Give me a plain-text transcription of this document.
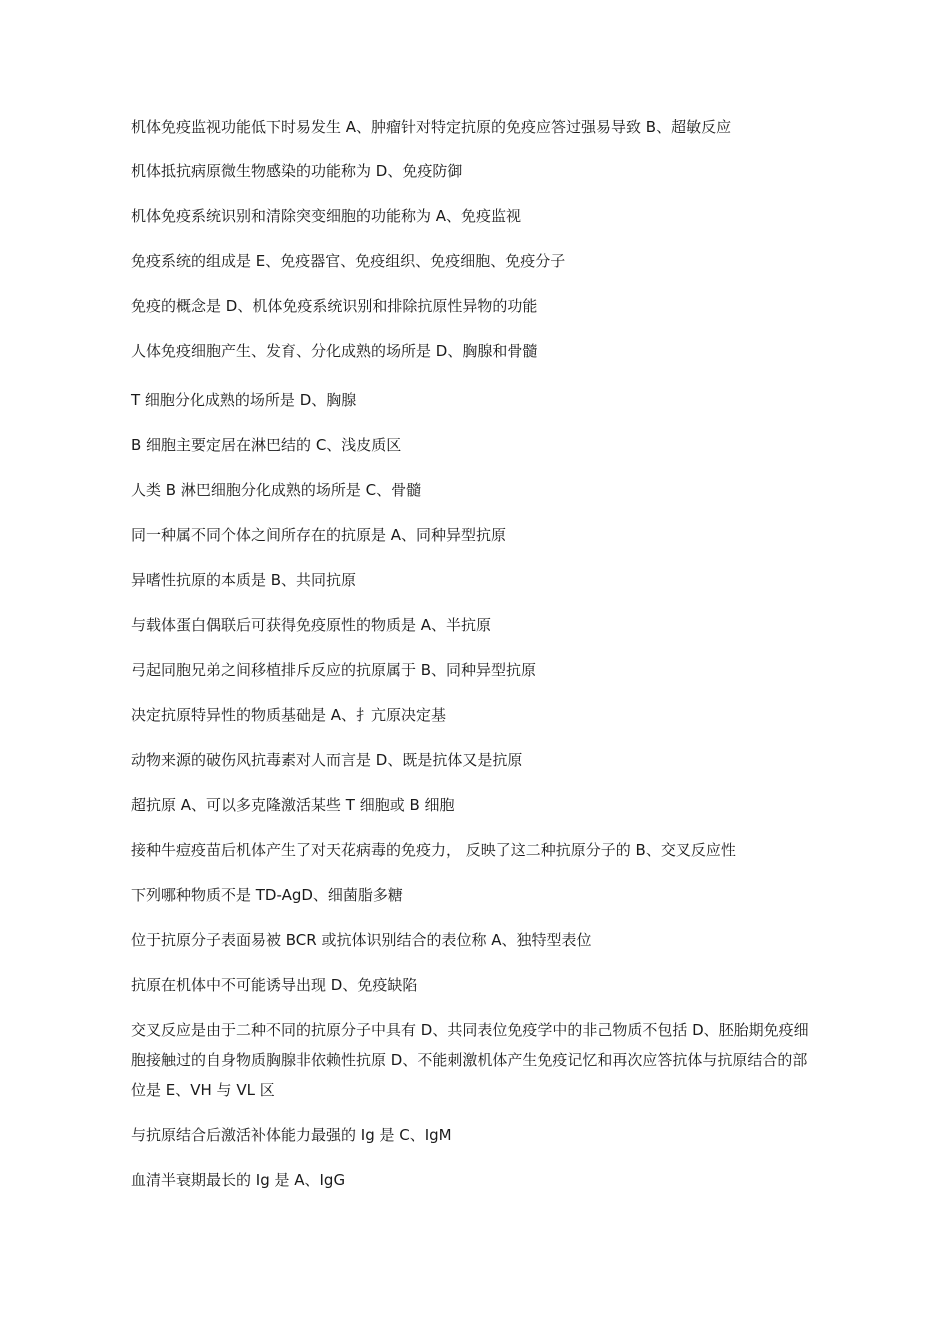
机体免疫监视功能低下时易发生 A、肿瘤针对特定抗原的免疫应答过强易导致 B、超敏反应
机体抵抗病原微生物感染的功能称为 D、免疫防御
机体免疫系统识别和清除突变细胞的功能称为 A、免疫监视
免疫系统的组成是 E、免疫器官、免疫组织、免疫细胞、免疫分子
免疫的概念是 D、机体免疫系统识别和排除抗原性异物的功能
人体免疫细胞产生、发育、分化成熟的场所是 D、胸腺和骨髓
T 细胞分化成熟的场所是 D、胸腺
B 细胞主要定居在淋巴结的 C、浅皮质区
人类 B 淋巴细胞分化成熟的场所是 C、骨髓
同一种属不同个体之间所存在的抗原是 A、同种异型抗原
异嗜性抗原的本质是 B、共同抗原
与载体蛋白偶联后可获得免疫原性的物质是 A、半抗原
弓起同胞兄弟之间移植排斥反应的抗原属于 B、同种异型抗原
决定抗原特异性的物质基础是 A、扌亢原决定基
动物来源的破伤风抗毒素对人而言是 D、既是抗体又是抗原
超抗原 A、可以多克隆激活某些 T 细胞或 B 细胞
接种牛痘疫苗后机体产生了对天花病毒的免疫力， 反映了这二种抗原分子的 B、交叉反应性
下列哪种物质不是 TD-AgD、细菌脂多糖
位于抗原分子表面易被 BCR 或抗体识别结合的表位称 A、独特型表位
抗原在机体中不可能诱导出现 D、免疫缺陷
交叉反应是由于二种不同的抗原分子中具有 D、共同表位免疫学中的非己物质不包括 D、胚胎期免疫细胞接触过的自身物质胸腺非依赖性抗原 D、不能刺激机体产生免疫记忆和再次应答抗体与抗原结合的部位是 E、VH 与 VL 区
与抗原结合后激活补体能力最强的 Ig 是 C、IgM
血清半衰期最长的 Ig 是 A、IgG
